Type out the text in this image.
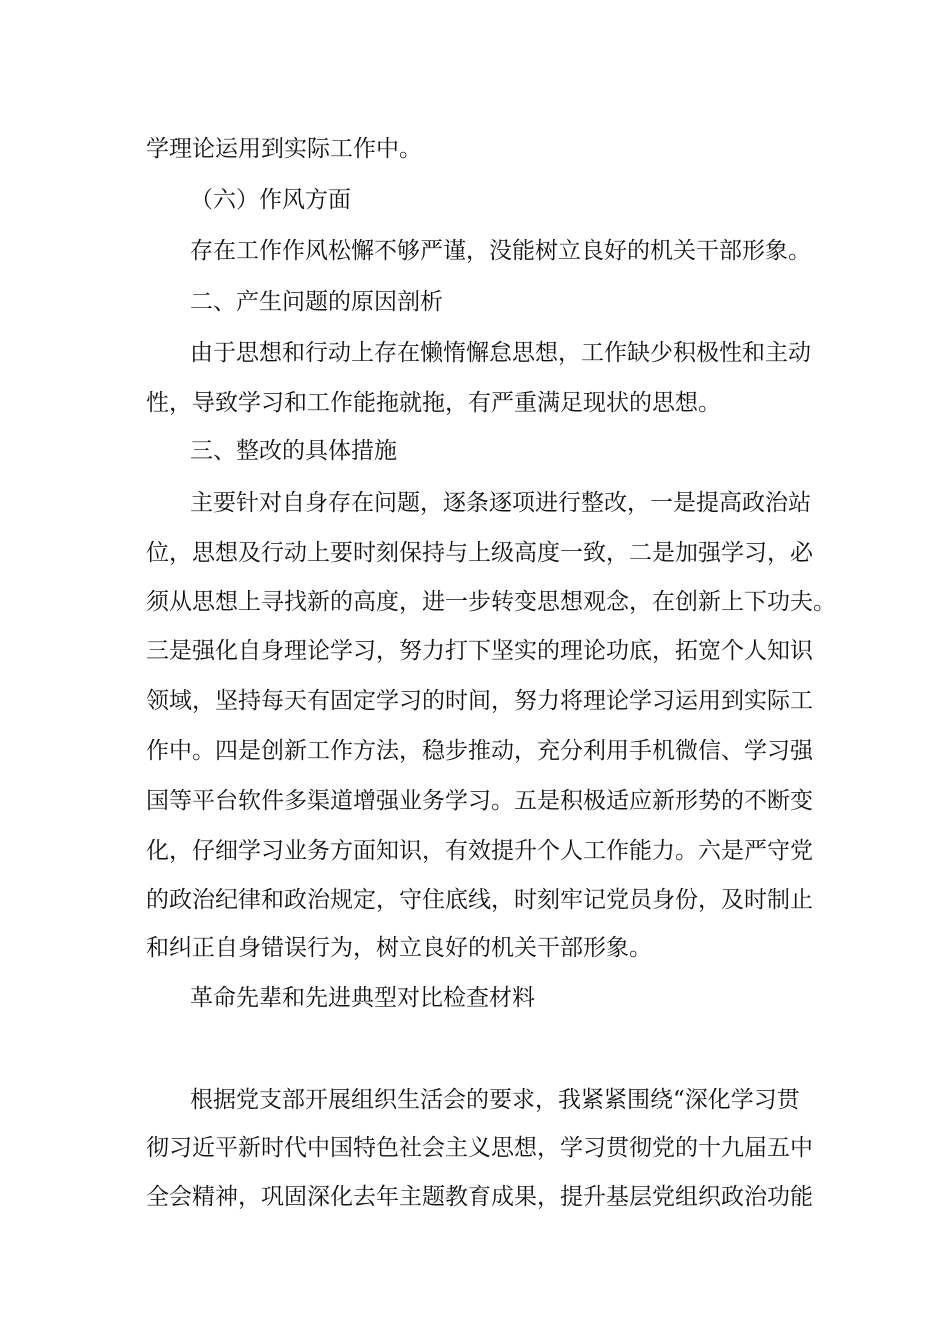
学理论运用到实际工作中。
（六）作风方面
存在工作作风松懈不够严谨，没能树立良好的机关干部形象。
二、产生问题的原因剖析
由于思想和行动上存在懒惰懈怠思想，工作缺少积极性和主动
性，导致学习和工作能拖就拖，有严重满足现状的思想。
三、整改的具体措施
主要针对自身存在问题，逐条逐项进行整改，一是提高政治站
位，思想及行动上要时刻保持与上级高度一致，二是加强学习，必
须从思想上寻找新的高度，进一步转变思想观念，在创新上下功夫。
三是强化自身理论学习，努力打下坚实的理论功底，拓宽个人知识
领域，坚持每天有固定学习的时间，努力将理论学习运用到实际工
作中。四是创新工作方法，稳步推动，充分利用手机微信、学习强
国等平台软件多渠道增强业务学习。五是积极适应新形势的不断变
化，仔细学习业务方面知识，有效提升个人工作能力。六是严守党
的政治纪律和政治规定，守住底线，时刻牢记党员身份，及时制止
和纠正自身错误行为，树立良好的机关干部形象。
革命先辈和先进典型对比检查材料
根据党支部开展组织生活会的要求，我紧紧围绕“深化学习贯
彻习近平新时代中国特色社会主义思想，学习贯彻党的十九届五中
全会精神，巩固深化去年主题教育成果，提升基层党组织政治功能
